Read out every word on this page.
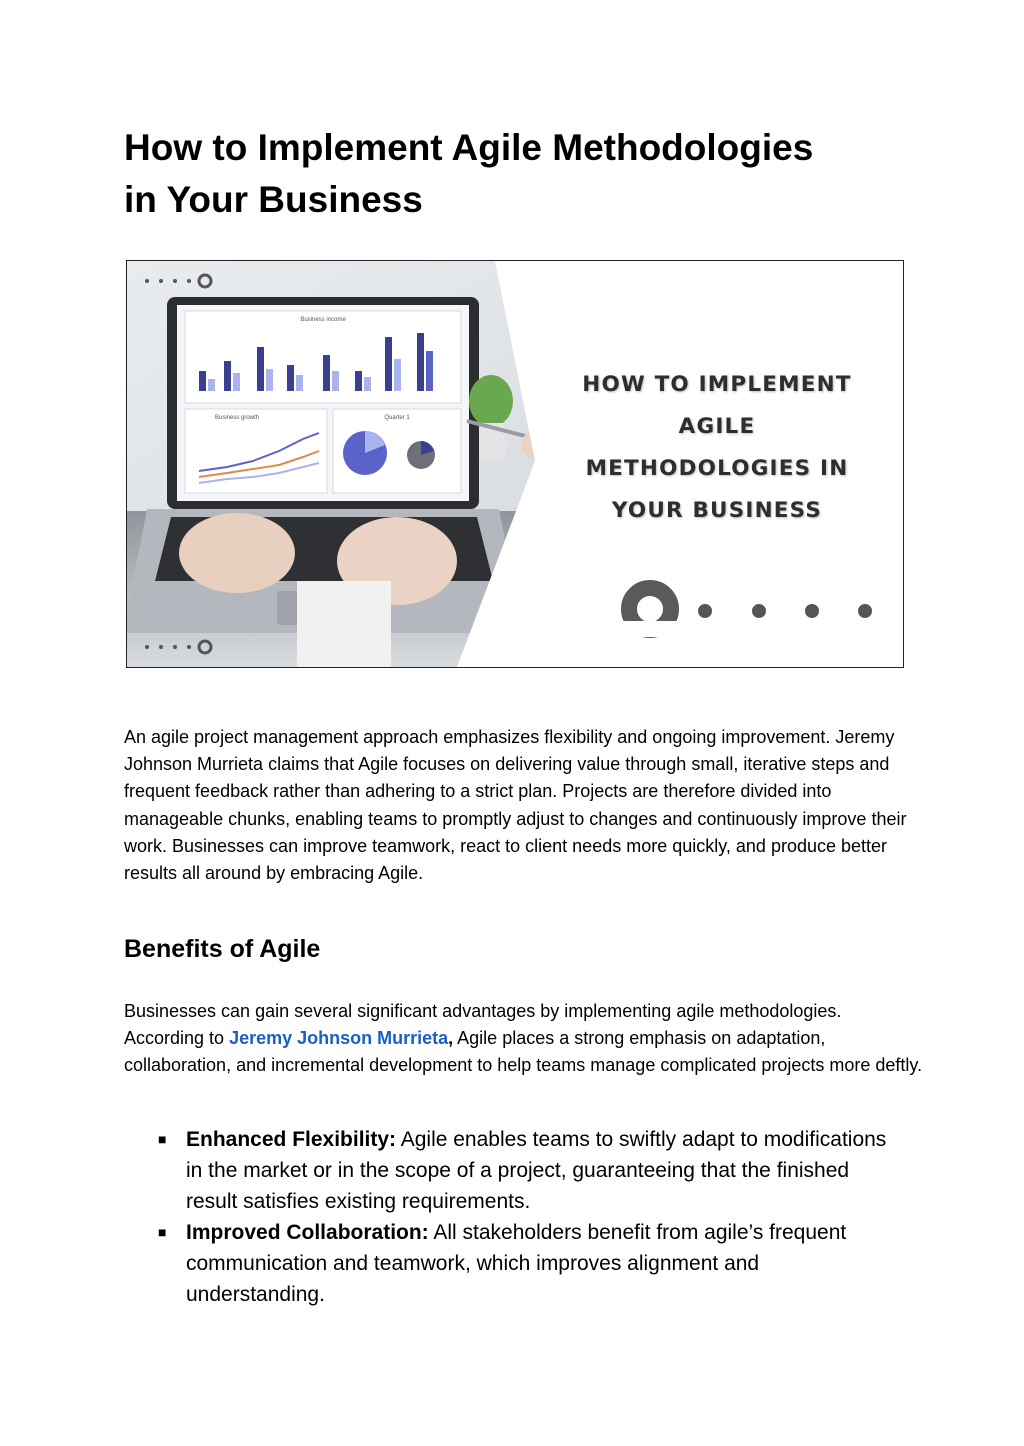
How to Implement Agile Methodologies
in Your Business
Business income
Business growth	Quarter 1
HOW TO IMPLEMENT
AGILE
METHODOLOGIES IN
YOUR BUSINESS

An agile project management approach emphasizes flexibility and ongoing improvement. Jeremy Johnson Murrieta claims that Agile focuses on delivering value through small, iterative steps and frequent feedback rather than adhering to a strict plan. Projects are therefore divided into manageable chunks, enabling teams to promptly adjust to changes and continuously improve their work. Businesses can improve teamwork, react to client needs more quickly, and produce better results all around by embracing Agile.

Benefits of Agile

Businesses can gain several significant advantages by implementing agile methodologies. According to Jeremy Johnson Murrieta, Agile places a strong emphasis on adaptation, collaboration, and incremental development to help teams manage complicated projects more deftly.

■ Enhanced Flexibility: Agile enables teams to swiftly adapt to modifications in the market or in the scope of a project, guaranteeing that the finished result satisfies existing requirements.
■ Improved Collaboration: All stakeholders benefit from agile’s frequent communication and teamwork, which improves alignment and understanding.
